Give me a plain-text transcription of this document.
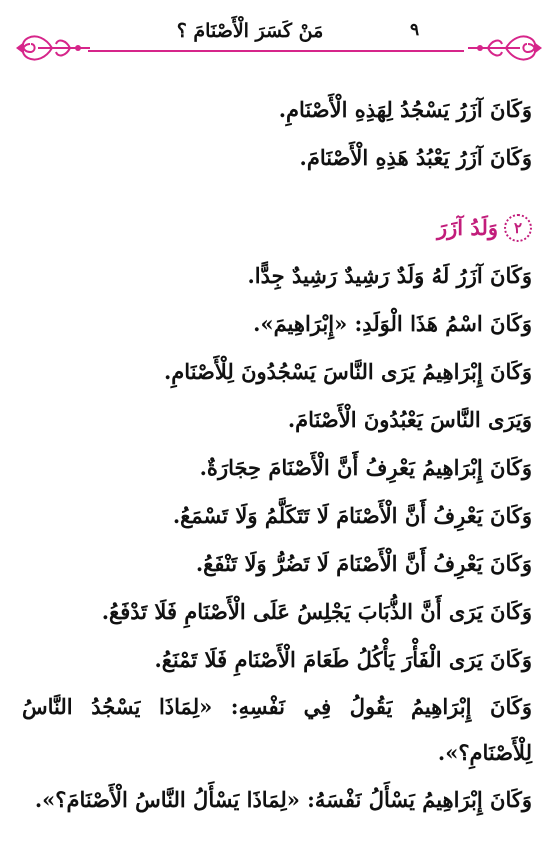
مَنْ كَسَرَ الْأَصْنَامَ ؟	٩
وَكَانَ آزَرُ يَسْجُدُ لِهَذِهِ الْأَصْنَامِ.
وَكَانَ آزَرُ يَعْبُدُ هَذِهِ الْأَصْنَامَ.
٢
وَلَدُ آزَرَ
وَكَانَ آزَرُ لَهُ وَلَدٌ رَشِيدٌ رَشِيدٌ جِدًّا.
وَكَانَ اسْمُ هَذَا الْوَلَدِ: «إِبْرَاهِيمَ».
وَكَانَ إِبْرَاهِيمُ يَرَى النَّاسَ يَسْجُدُونَ لِلْأَصْنَامِ.
وَيَرَى النَّاسَ يَعْبُدُونَ الْأَصْنَامَ.
وَكَانَ إِبْرَاهِيمُ يَعْرِفُ أَنَّ الْأَصْنَامَ حِجَارَةٌ.
وَكَانَ يَعْرِفُ أَنَّ الْأَصْنَامَ لَا تَتَكَلَّمُ وَلَا تَسْمَعُ.
وَكَانَ يَعْرِفُ أَنَّ الْأَصْنَامَ لَا تَضُرُّ وَلَا تَنْفَعُ.
وَكَانَ يَرَى أَنَّ الذُّبَابَ يَجْلِسُ عَلَى الْأَصْنَامِ فَلَا تَدْفَعُ.
وَكَانَ يَرَى الْفَأْرَ يَأْكُلُ طَعَامَ الْأَصْنَامِ فَلَا تَمْنَعُ.
وَكَانَ إِبْرَاهِيمُ يَقُولُ فِي نَفْسِهِ: «لِمَاذَا يَسْجُدُ النَّاسُ لِلْأَصْنَامِ؟».
وَكَانَ إِبْرَاهِيمُ يَسْأَلُ نَفْسَهُ: «لِمَاذَا يَسْأَلُ النَّاسُ الْأَصْنَامَ؟».
